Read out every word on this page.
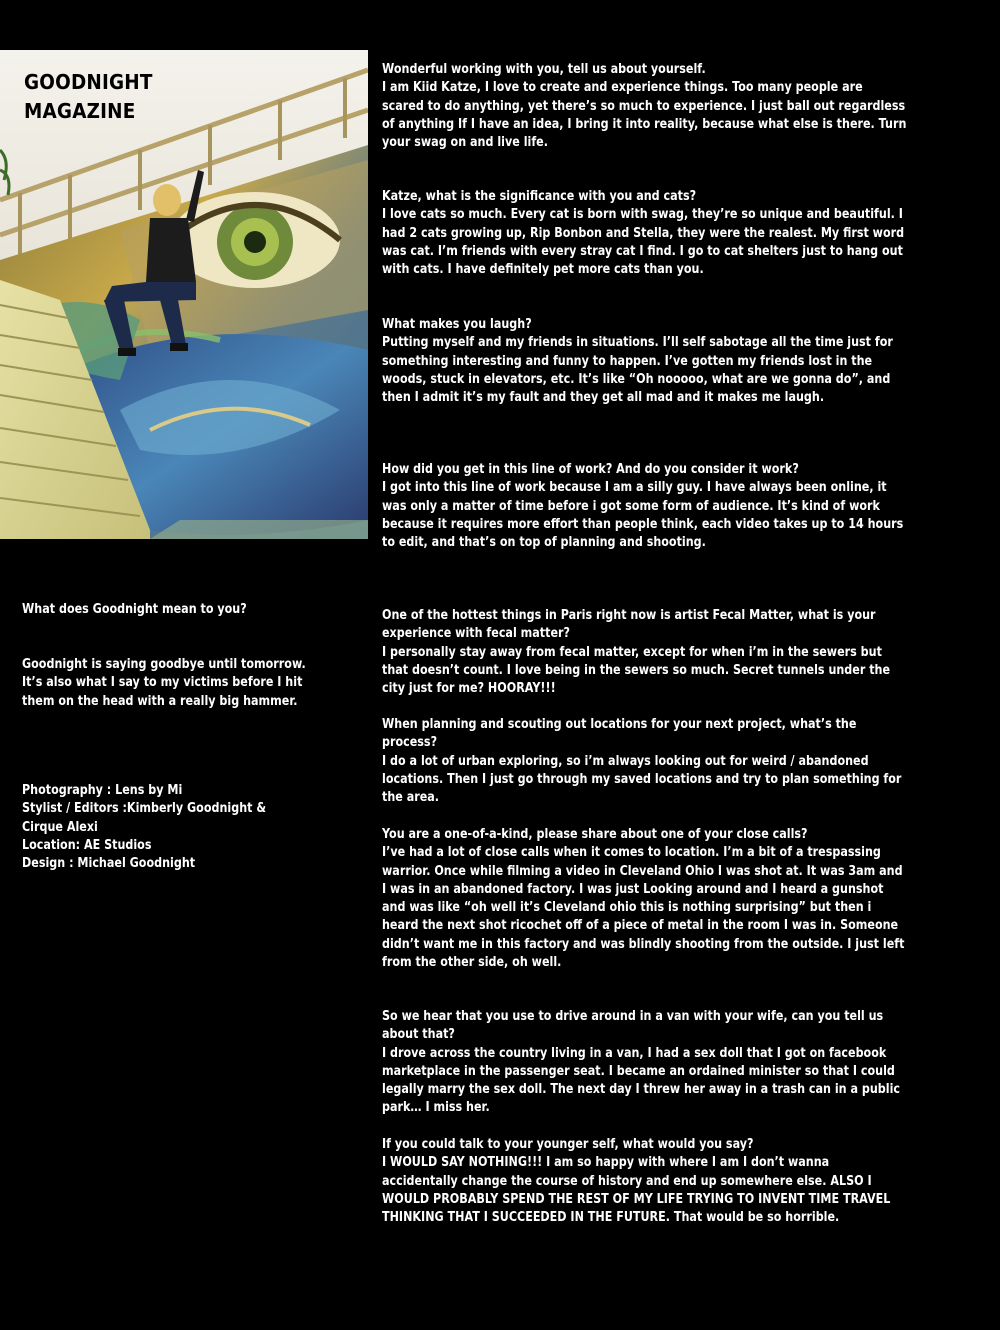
GOODNIGHT
MAGAZINE

What does Goodnight mean to you?

Goodnight is saying goodbye until tomorrow. It’s also what I say to my victims before I hit them on the head with a really big hammer.

Photography : Lens by Mi

Stylist / Editors :Kimberly Goodnight & Cirque Alexi

Location: AE Studios

Design : Michael Goodnight

Wonderful working with you, tell us about yourself.

I am Kiid Katze, I love to create and experience things. Too many people are scared to do anything, yet there’s so much to experience. I just ball out regardless of anything If I have an idea, I bring it into reality, because what else is there. Turn your swag on and live life.

Katze, what is the significance with you and cats?

I love cats so much. Every cat is born with swag, they’re so unique and beautiful. I had 2 cats growing up, Rip Bonbon and Stella, they were the realest. My first word was cat. I’m friends with every stray cat I find. I go to cat shelters just to hang out with cats. I have definitely pet more cats than you.

What makes you laugh?

Putting myself and my friends in situations. I’ll self sabotage all the time just for something interesting and funny to happen. I’ve gotten my friends lost in the woods, stuck in elevators, etc. It’s like “Oh nooooo, what are we gonna do”, and then I admit it’s my fault and they get all mad and it makes me laugh.

How did you get in this line of work? And do you consider it work?

I got into this line of work because I am a silly guy. I have always been online, it was only a matter of time before i got some form of audience. It’s kind of work because it requires more effort than people think, each video takes up to 14 hours to edit, and that’s on top of planning and shooting.

One of the hottest things in Paris right now is artist Fecal Matter, what is your experience with fecal matter?

I personally stay away from fecal matter, except for when i’m in the sewers but that doesn’t count. I love being in the sewers so much. Secret tunnels under the city just for me? HOORAY!!!

When planning and scouting out locations for your next project, what’s the process?

I do a lot of urban exploring, so i’m always looking out for weird / abandoned locations. Then I just go through my saved locations and try to plan something for the area.

You are a one-of-a-kind, please share about one of your close calls?

I’ve had a lot of close calls when it comes to location. I’m a bit of a trespassing warrior. Once while filming a video in Cleveland Ohio I was shot at. It was 3am and I was in an abandoned factory. I was just Looking around and I heard a gunshot and was like “oh well it’s Cleveland ohio this is nothing surprising” but then i heard the next shot ricochet off of a piece of metal in the room I was in. Someone didn’t want me in this factory and was blindly shooting from the outside. I just left from the other side, oh well.

So we hear that you use to drive around in a van with your wife, can you tell us about that?

I drove across the country living in a van, I had a sex doll that I got on facebook marketplace in the passenger seat. I became an ordained minister so that I could legally marry the sex doll. The next day I threw her away in a trash can in a public park… I miss her.

If you could talk to your younger self, what would you say?

I WOULD SAY NOTHING!!! I am so happy with where I am I don’t wanna accidentally change the course of history and end up somewhere else. ALSO I WOULD PROBABLY SPEND THE REST OF MY LIFE TRYING TO INVENT TIME TRAVEL THINKING THAT I SUCCEEDED IN THE FUTURE. That would be so horrible.
